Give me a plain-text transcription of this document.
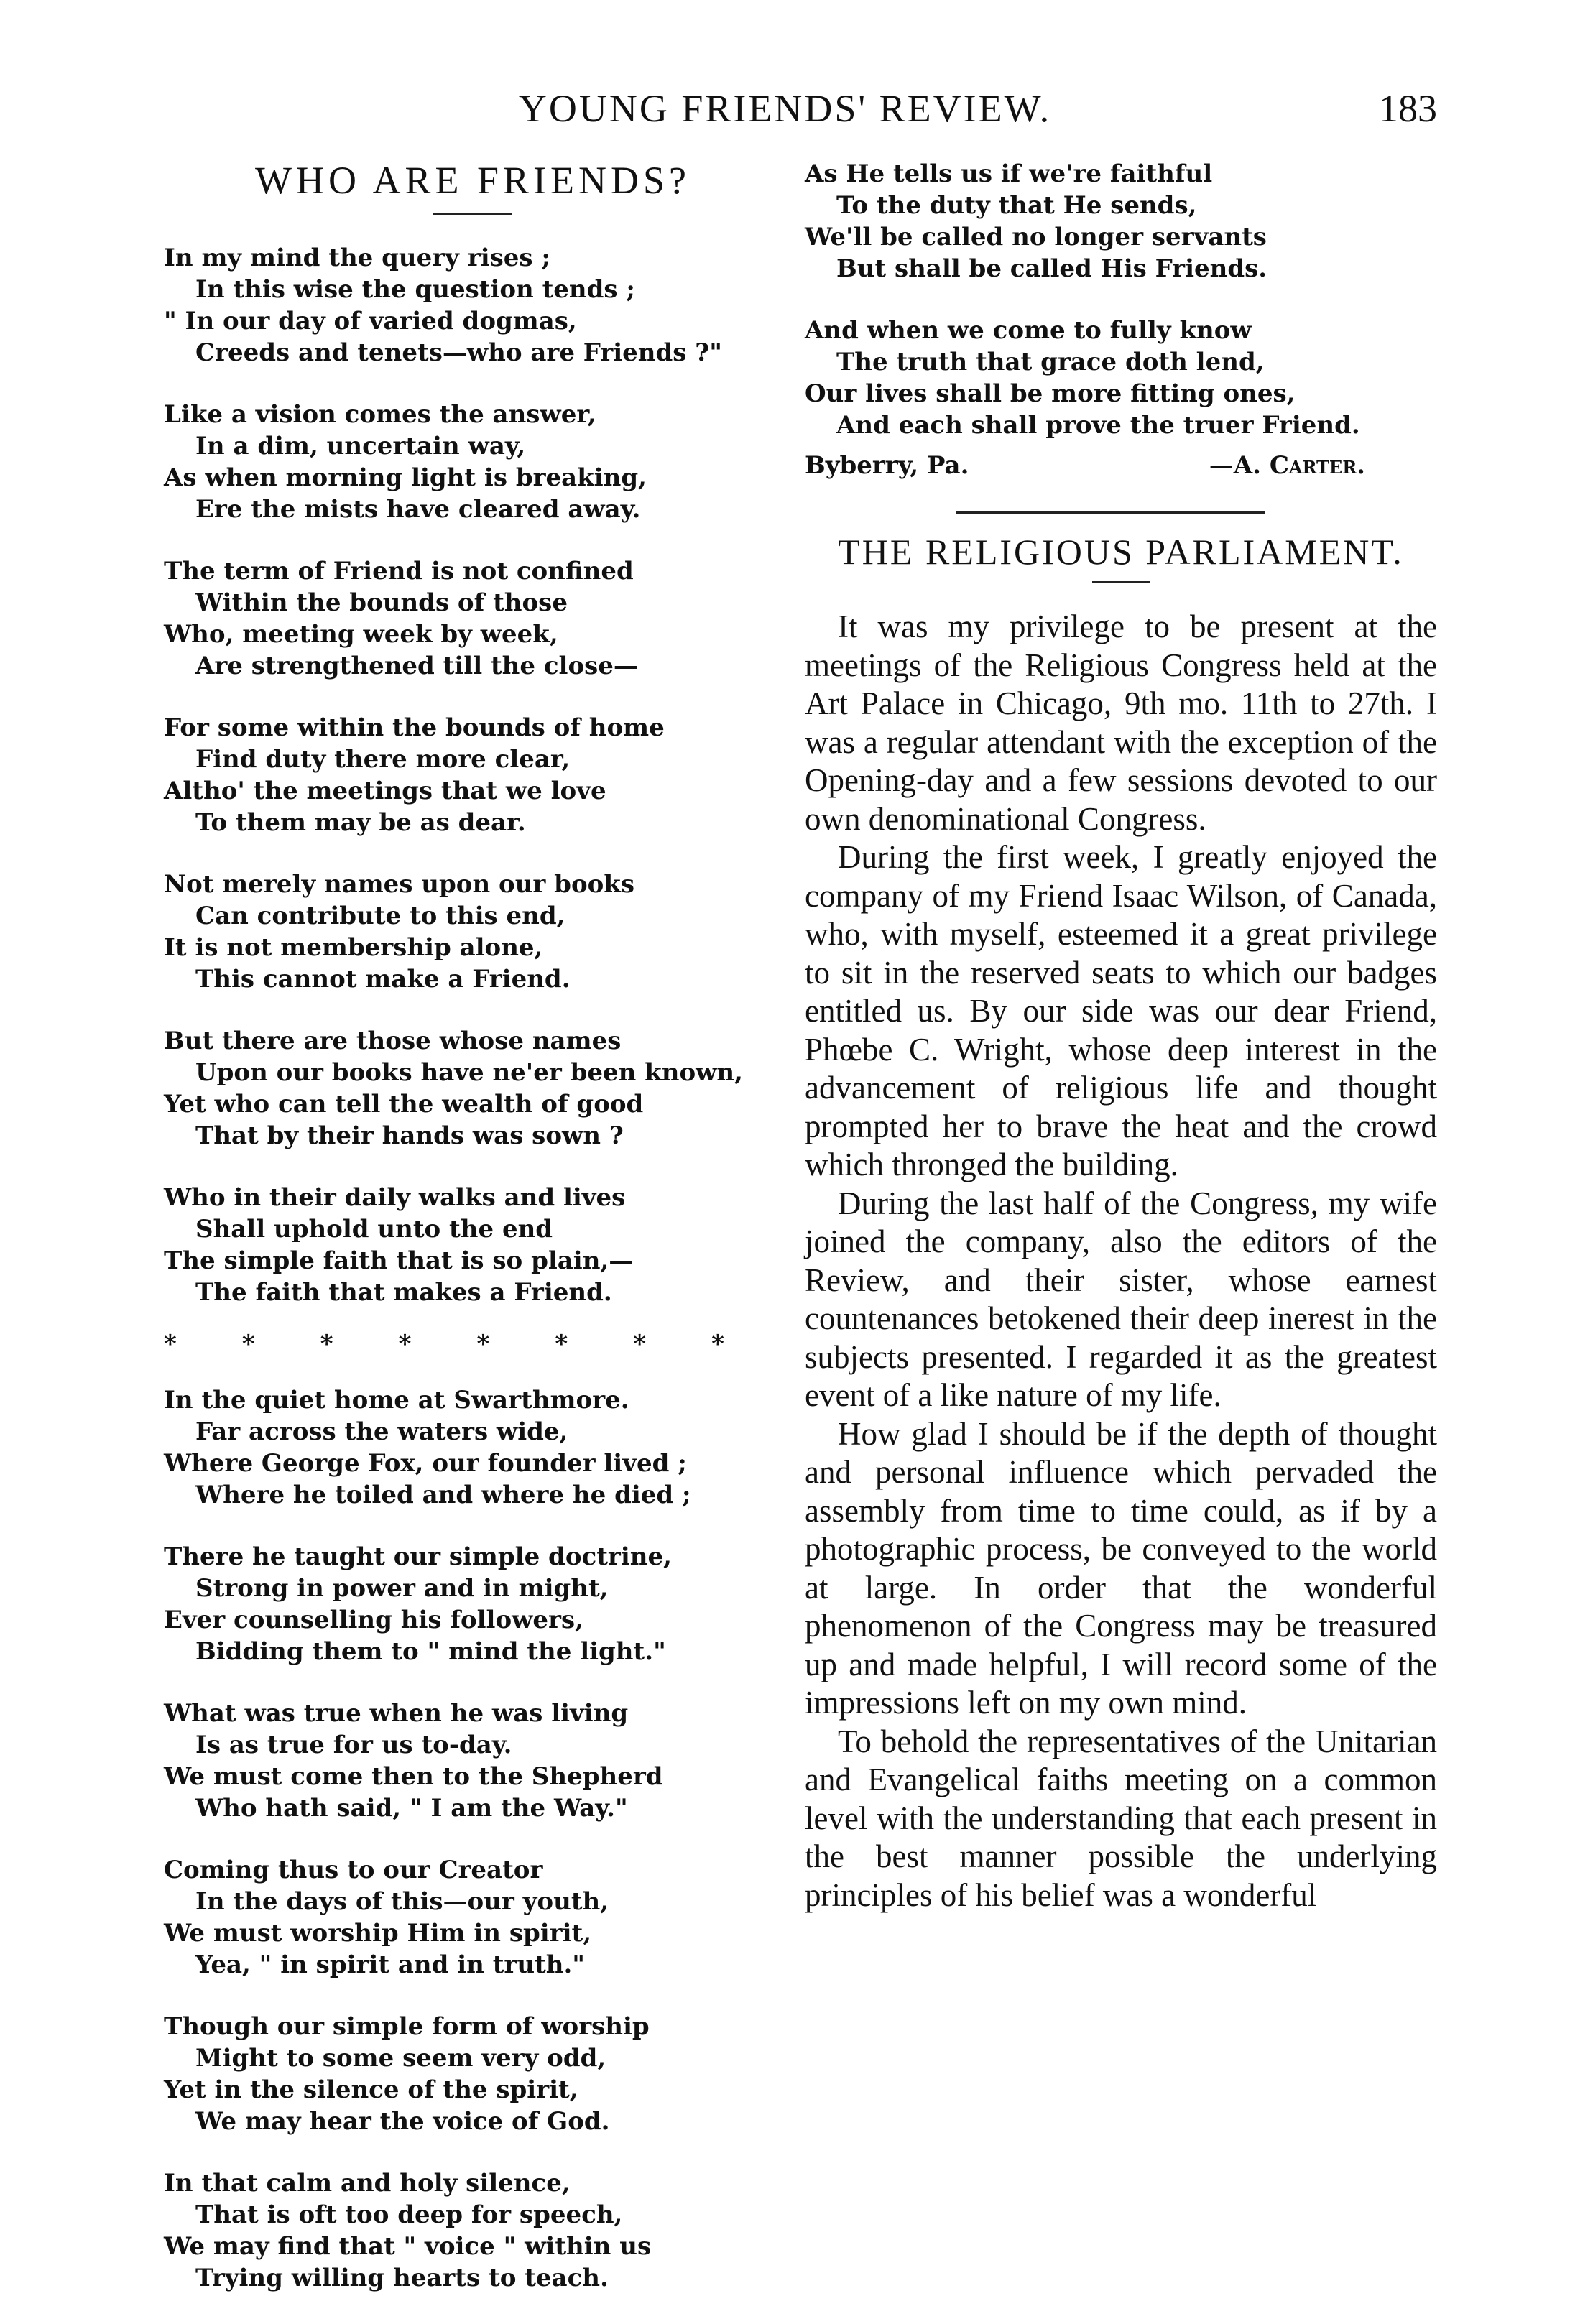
YOUNG FRIENDS' REVIEW.	183
WHO ARE FRIENDS?
In my mind the query rises ;
In this wise the question tends ;
" In our day of varied dogmas,
Creeds and tenets—who are Friends ?"
Like a vision comes the answer,
In a dim, uncertain way,
As when morning light is breaking,
Ere the mists have cleared away.
The term of Friend is not confined
Within the bounds of those
Who, meeting week by week,
Are strengthened till the close—
For some within the bounds of home
Find duty there more clear,
Altho' the meetings that we love
To them may be as dear.
Not merely names upon our books
Can contribute to this end,
It is not membership alone,
This cannot make a Friend.
But there are those whose names
Upon our books have ne'er been known,
Yet who can tell the wealth of good
That by their hands was sown ?
Who in their daily walks and lives
Shall uphold unto the end
The simple faith that is so plain,—
The faith that makes a Friend.
*	*	*	*	*	*	*	*
In the quiet home at Swarthmore.
Far across the waters wide,
Where George Fox, our founder lived ;
Where he toiled and where he died ;
There he taught our simple doctrine,
Strong in power and in might,
Ever counselling his followers,
Bidding them to " mind the light."
What was true when he was living
Is as true for us to-day.
We must come then to the Shepherd
Who hath said, " I am the Way."
Coming thus to our Creator
In the days of this—our youth,
We must worship Him in spirit,
Yea, " in spirit and in truth."
Though our simple form of worship
Might to some seem very odd,
Yet in the silence of the spirit,
We may hear the voice of God.
In that calm and holy silence,
That is oft too deep for speech,
We may find that " voice " within us
Trying willing hearts to teach.
As He tells us if we're faithful
To the duty that He sends,
We'll be called no longer servants
But shall be called His Friends.
And when we come to fully know
The truth that grace doth lend,
Our lives shall be more fitting ones,
And each shall prove the truer Friend.
Byberry, Pa.	—A. Carter.
THE RELIGIOUS PARLIAMENT.

It was my privilege to be present at the meetings of the Religious Congress held at the Art Palace in Chicago, 9th mo. 11th to 27th. I was a regular attendant with the exception of the Opening-day and a few sessions devoted to our own denominational Congress.

During the first week, I greatly enjoyed the company of my Friend Isaac Wilson, of Canada, who, with myself, esteemed it a great privilege to sit in the reserved seats to which our badges entitled us. By our side was our dear Friend, Phœbe C. Wright, whose deep interest in the advancement of religious life and thought prompted her to brave the heat and the crowd which thronged the building.

During the last half of the Congress, my wife joined the company, also the editors of the Review, and their sister, whose earnest countenances betokened their deep inerest in the subjects presented. I regarded it as the greatest event of a like nature of my life.

How glad I should be if the depth of thought and personal influence which pervaded the assembly from time to time could, as if by a photographic process, be conveyed to the world at large. In order that the wonderful phenomenon of the Congress may be treasured up and made helpful, I will record some of the impressions left on my own mind.

To behold the representatives of the Unitarian and Evangelical faiths meeting on a common level with the understanding that each present in the best manner possible the underlying principles of his belief was a wonderful
